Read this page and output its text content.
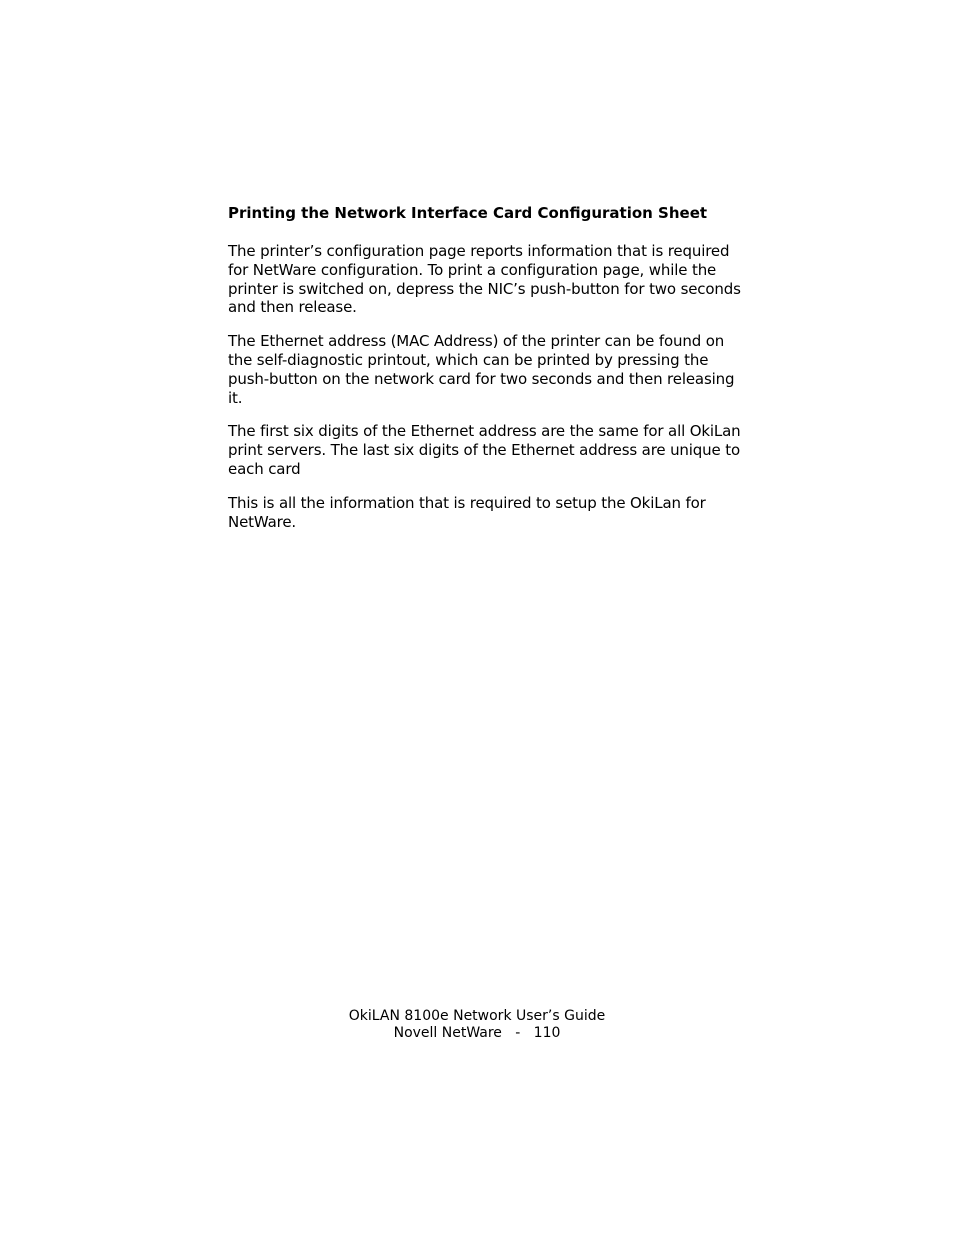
Printing the Network Interface Card Configuration Sheet

The printer’s configuration page reports information that is required for NetWare configuration. To print a configuration page, while the printer is switched on, depress the NIC’s push-button for two seconds and then release.

The Ethernet address (MAC Address) of the printer can be found on the self-diagnostic printout, which can be printed by pressing the push-button on the network card for two seconds and then releasing it.

The first six digits of the Ethernet address are the same for all OkiLan print servers. The last six digits of the Ethernet address are unique to each card

This is all the information that is required to setup the OkiLan for NetWare.

OkiLAN 8100e Network User’s Guide
Novell NetWare   -   110
